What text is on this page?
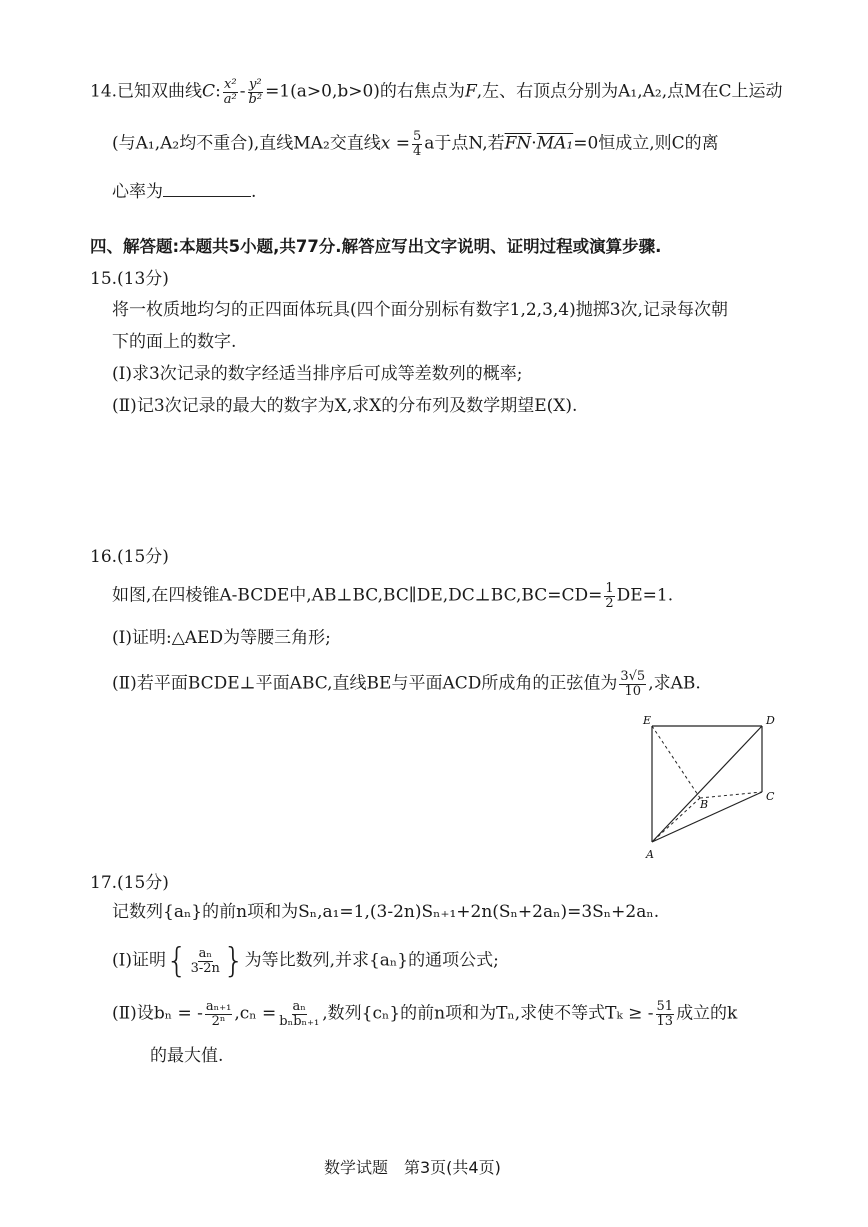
14.已知双曲线C: $\frac{\text{x²}}{\text{a²}} - \frac{\text{y²}}{\text{b²}} =1(a>0,b>0)$的右焦点为F,左、右顶点分别为A₁,A₂,点M在C上运动
(与A₁,A₂均不重合),直线MA₂交直线$x = \frac{5}{4}$ a于点N,若$\overline{FN}\cdot MA_1=0$恒成立,则C的离
心率为	.
四、解答题:本题共5小题,共77分.解答应写出文字说明、证明过程或演算步骤.
15.(13分)
将一枚质地均匀的正四面体玩具(四个面分别标有数字1,2,3,4)抛掷3次,记录每次朝
下的面上的数字.
(Ⅰ)求3次记录的数字经适当排序后可成等差数列的概率;
(Ⅱ)记3次记录的最大的数字为X,求X的分布列及数学期望E(X).
16.(15分)
如图,在四棱锥A-BCDE中,AB⊥BC,BC∥DE,DC⊥BC,BC=CD= $\frac{1}{2} DE=1$.
(Ⅰ)证明:△AED为等腰三角形;
(Ⅱ)若平面BCDE⊥平面ABC,直线BE与平面ACD所成角的正弦值为 $\frac{3√5}{10}$ ,求AB.
E	D
B
C
A
17.(15分)
记数列{aₙ}的前n项和为Sₙ,a₁=1,(3-2n)Sₙ₊₁+2n(Sₙ+2aₙ)=3Sₙ+2aₙ.
(Ⅰ)证明 { $\frac{\text{aₙ}}{3-2n}$ } 为等比数列,并求{aₙ}的通项公式;
(Ⅱ)设bₙ = - $\frac{\text{aₙ₊₁}}{\text{2ⁿ}} ,c_n = \frac{\text{aₙ}}{\text{bₙbₙ₊₁}}$ ,数列{cₙ}的前n项和为Tₙ,求使不等式Tₖ ≥ - $\frac{51}{13}$ 成立的k
的最大值.
数学试题　第3页(共4页)
